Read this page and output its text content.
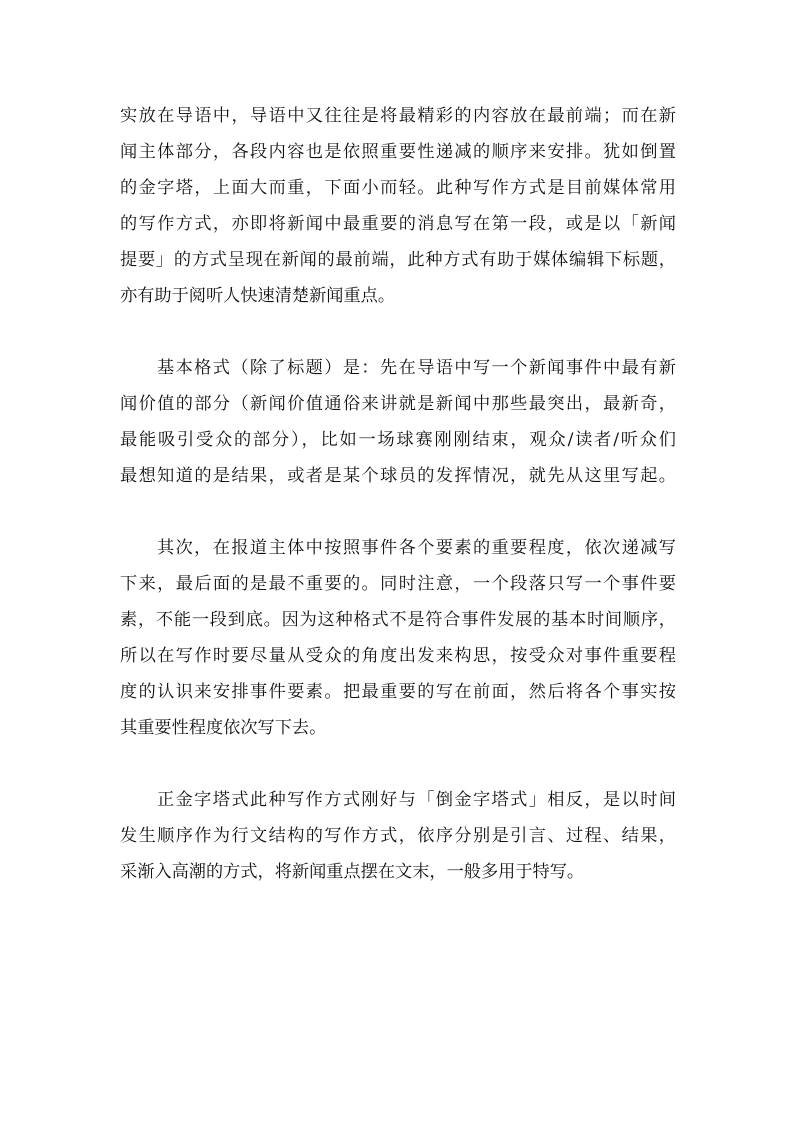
实放在导语中，导语中又往往是将最精彩的内容放在最前端；而在新
闻主体部分，各段内容也是依照重要性递减的顺序来安排。犹如倒置
的金字塔，上面大而重，下面小而轻。此种写作方式是目前媒体常用
的写作方式，亦即将新闻中最重要的消息写在第一段，或是以「新闻
提要」的方式呈现在新闻的最前端，此种方式有助于媒体编辑下标题，
亦有助于阅听人快速清楚新闻重点。
基本格式（除了标题）是：先在导语中写一个新闻事件中最有新
闻价值的部分（新闻价值通俗来讲就是新闻中那些最突出，最新奇，
最能吸引受众的部分），比如一场球赛刚刚结束，观众/读者/听众们
最想知道的是结果，或者是某个球员的发挥情况，就先从这里写起。
其次，在报道主体中按照事件各个要素的重要程度，依次递减写
下来，最后面的是最不重要的。同时注意，一个段落只写一个事件要
素，不能一段到底。因为这种格式不是符合事件发展的基本时间顺序，
所以在写作时要尽量从受众的角度出发来构思，按受众对事件重要程
度的认识来安排事件要素。把最重要的写在前面，然后将各个事实按
其重要性程度依次写下去。
正金字塔式此种写作方式刚好与「倒金字塔式」相反，是以时间
发生顺序作为行文结构的写作方式，依序分别是引言、过程、结果，
采渐入高潮的方式，将新闻重点摆在文末，一般多用于特写。
